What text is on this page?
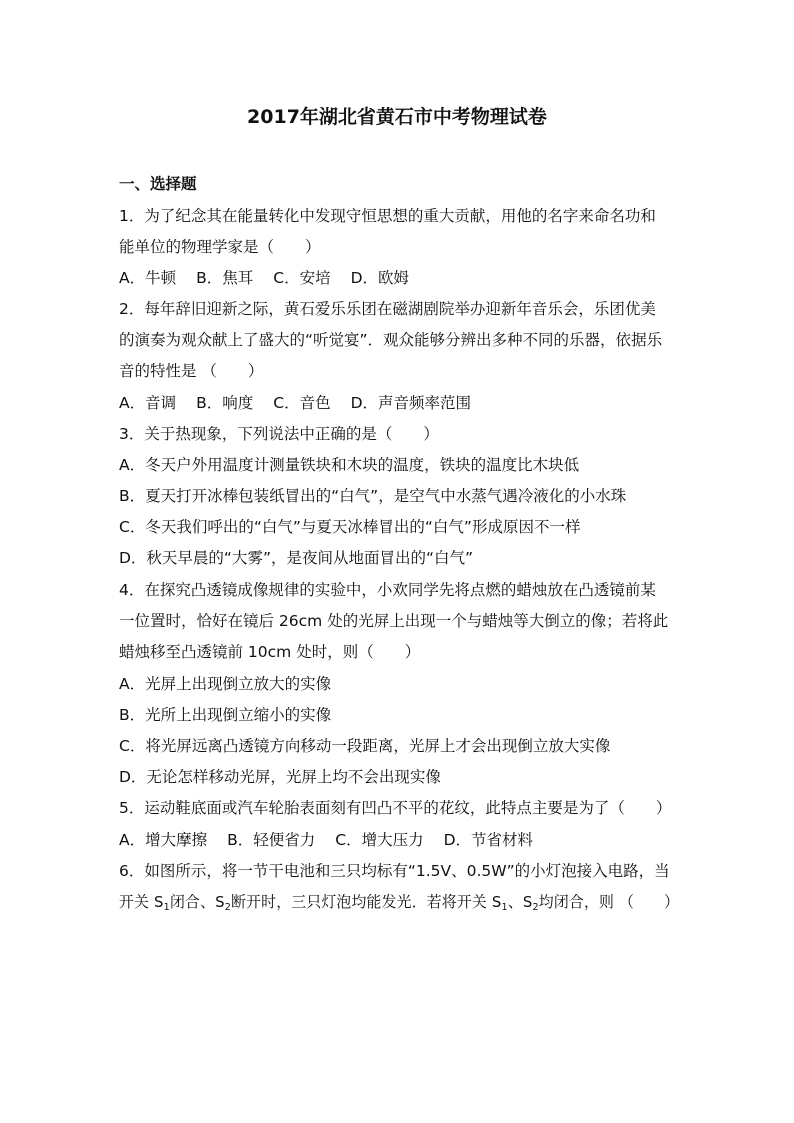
2017年湖北省黄石市中考物理试卷
一、选择题
1．为了纪念其在能量转化中发现守恒思想的重大贡献，用他的名字来命名功和
能单位的物理学家是（　　）
A．牛顿 B．焦耳 C．安培 D．欧姆
2．每年辞旧迎新之际，黄石爱乐乐团在磁湖剧院举办迎新年音乐会，乐团优美
的演奏为观众献上了盛大的“听觉宴”．观众能够分辨出多种不同的乐器，依据乐
音的特性是 （　　）
A．音调 B．响度 C．音色 D．声音频率范围
3．关于热现象，下列说法中正确的是（　　）
A．冬天户外用温度计测量铁块和木块的温度，铁块的温度比木块低
B．夏天打开冰棒包装纸冒出的“白气”，是空气中水蒸气遇冷液化的小水珠
C．冬天我们呼出的“白气”与夏天冰棒冒出的“白气”形成原因不一样
D．秋天早晨的“大雾”，是夜间从地面冒出的“白气”
4．在探究凸透镜成像规律的实验中，小欢同学先将点燃的蜡烛放在凸透镜前某
一位置时，恰好在镜后 26cm 处的光屏上出现一个与蜡烛等大倒立的像；若将此
蜡烛移至凸透镜前 10cm 处时，则（　　）
A．光屏上出现倒立放大的实像
B．光所上出现倒立缩小的实像
C．将光屏远离凸透镜方向移动一段距离，光屏上才会出现倒立放大实像
D．无论怎样移动光屏，光屏上均不会出现实像
5．运动鞋底面或汽车轮胎表面刻有凹凸不平的花纹，此特点主要是为了（　　）
A．增大摩擦 B．轻便省力 C．增大压力 D．节省材料
6．如图所示，将一节干电池和三只均标有“1.5V、0.5W”的小灯泡接入电路，当
开关 $S_1$闭合、$S_2$断开时，三只灯泡均能发光．若将开关 $S_1$、$S_2$均闭合，则 （　　）
